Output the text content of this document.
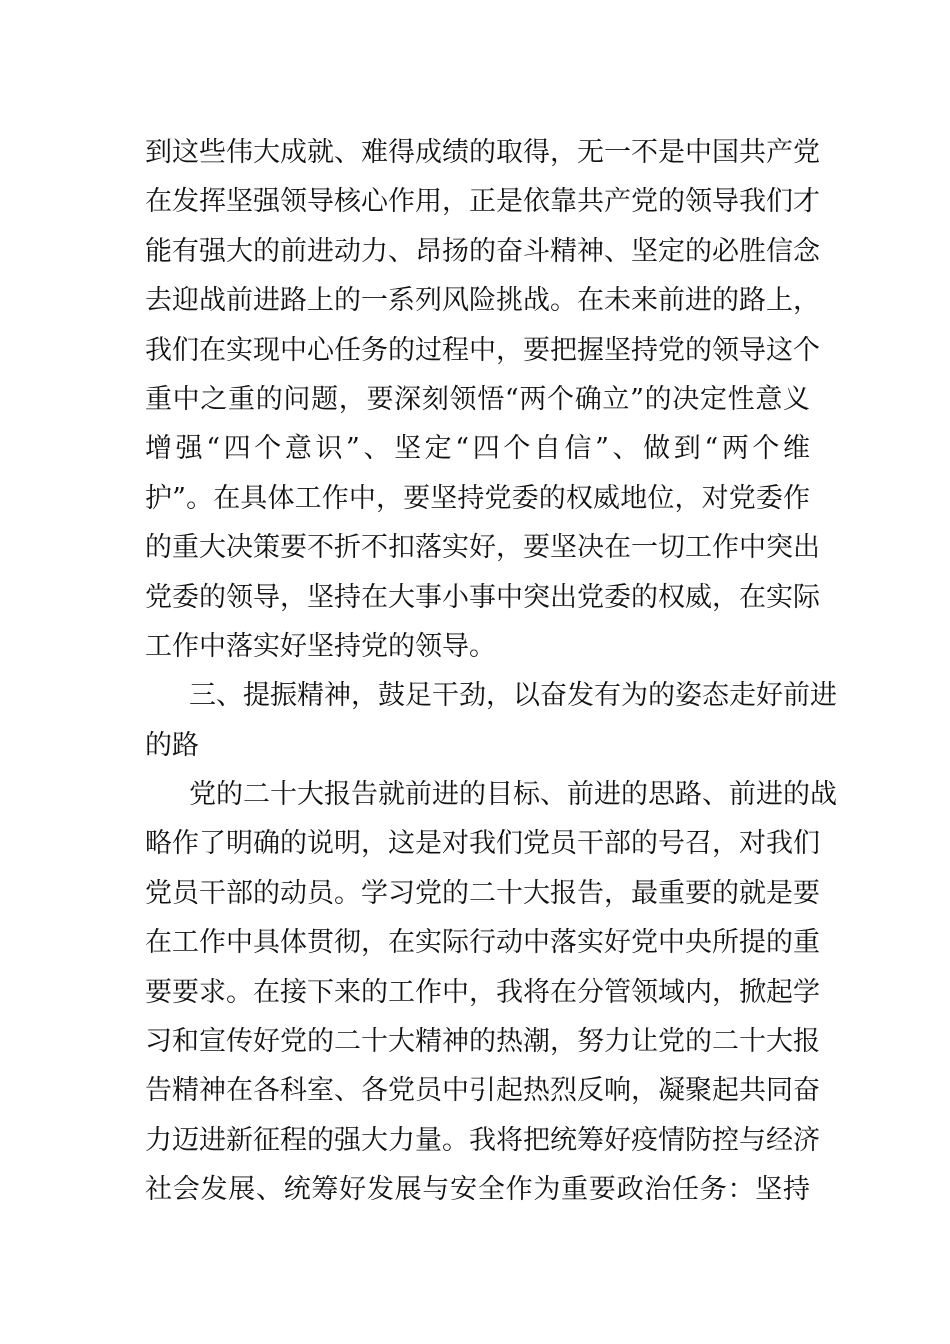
到这些伟大成就、难得成绩的取得，无一不是中国共产党
在发挥坚强领导核心作用，正是依靠共产党的领导我们才
能有强大的前进动力、昂扬的奋斗精神、坚定的必胜信念
去迎战前进路上的一系列风险挑战。在未来前进的路上，
我们在实现中心任务的过程中，要把握坚持党的领导这个
重中之重的问题，要深刻领悟“两个确立”的决定性意义
增强“四个意识”、坚定“四个自信”、做到“两个维
护”。在具体工作中，要坚持党委的权威地位，对党委作
的重大决策要不折不扣落实好，要坚决在一切工作中突出
党委的领导，坚持在大事小事中突出党委的权威，在实际
工作中落实好坚持党的领导。
三、提振精神，鼓足干劲，以奋发有为的姿态走好前进
的路
党的二十大报告就前进的目标、前进的思路、前进的战
略作了明确的说明，这是对我们党员干部的号召，对我们
党员干部的动员。学习党的二十大报告，最重要的就是要
在工作中具体贯彻，在实际行动中落实好党中央所提的重
要要求。在接下来的工作中，我将在分管领域内，掀起学
习和宣传好党的二十大精神的热潮，努力让党的二十大报
告精神在各科室、各党员中引起热烈反响，凝聚起共同奋
力迈进新征程的强大力量。我将把统筹好疫情防控与经济
社会发展、统筹好发展与安全作为重要政治任务：坚持
